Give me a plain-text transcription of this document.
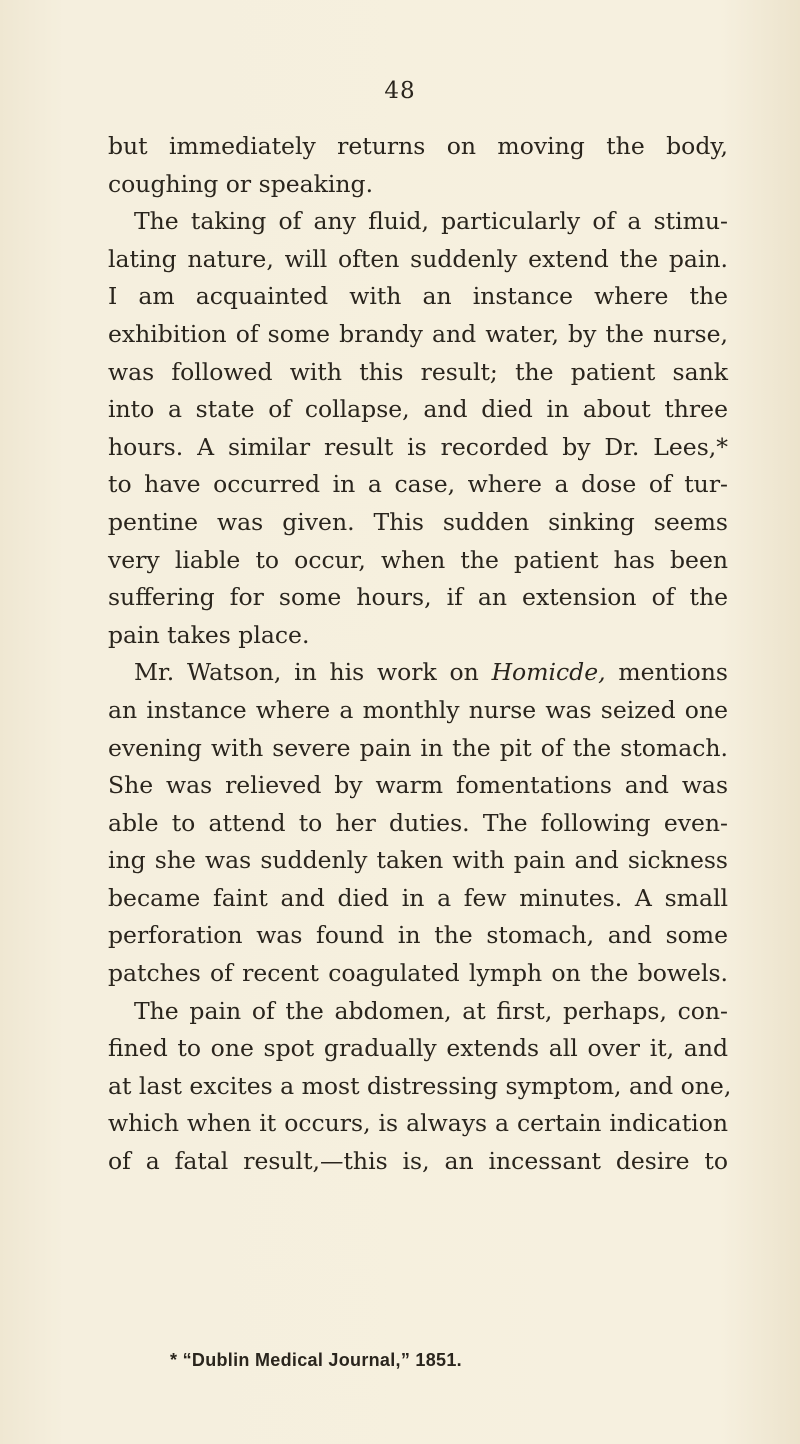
48
but immediately returns on moving the body,
coughing or speaking.
The taking of any fluid, particularly of a stimu-
lating nature, will often suddenly extend the pain.
I am acquainted with an instance where the
exhibition of some brandy and water, by the nurse,
was followed with this result; the patient sank
into a state of collapse, and died in about three
hours. A similar result is recorded by Dr. Lees,*
to have occurred in a case, where a dose of tur-
pentine was given. This sudden sinking seems
very liable to occur, when the patient has been
suffering for some hours, if an extension of the
pain takes place.
Mr. Watson, in his work on Homicde, mentions
an instance where a monthly nurse was seized one
evening with severe pain in the pit of the stomach.
She was relieved by warm fomentations and was
able to attend to her duties. The following even-
ing she was suddenly taken with pain and sickness
became faint and died in a few minutes. A small
perforation was found in the stomach, and some
patches of recent coagulated lymph on the bowels.
The pain of the abdomen, at first, perhaps, con-
fined to one spot gradually extends all over it, and
at last excites a most distressing symptom, and one,
which when it occurs, is always a certain indication
of a fatal result,—this is, an incessant desire to
* “Dublin Medical Journal,” 1851.
